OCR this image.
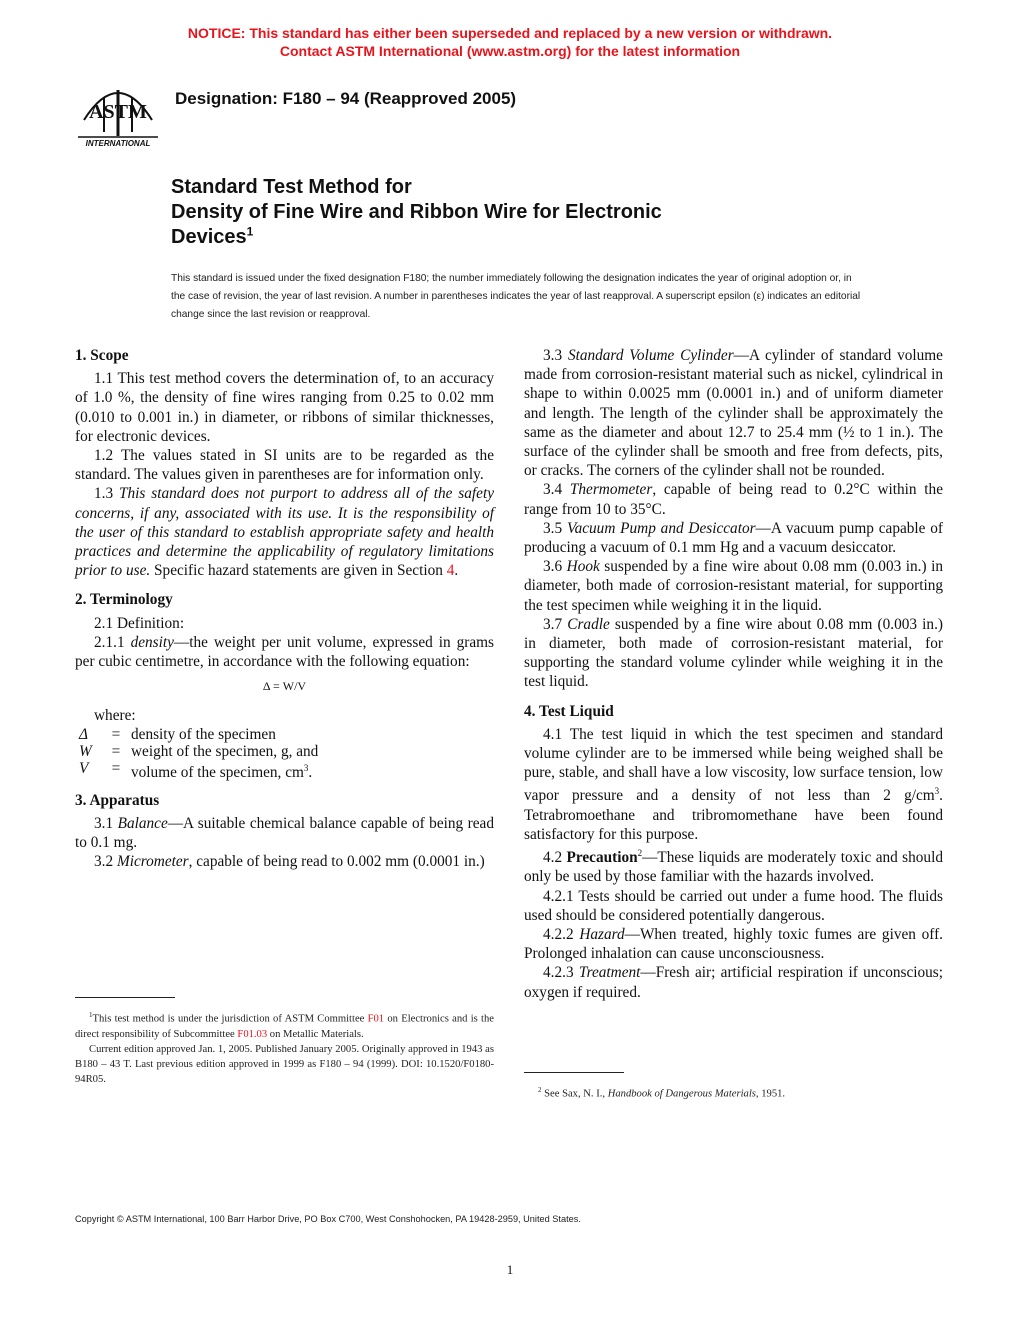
NOTICE: This standard has either been superseded and replaced by a new version or withdrawn.
Contact ASTM International (www.astm.org) for the latest information
ASTM
INTERNATIONAL
Designation: F180 – 94 (Reapproved 2005)
Standard Test Method for
Density of Fine Wire and Ribbon Wire for Electronic
Devices$^1$
This standard is issued under the fixed designation F180; the number immediately following the designation indicates the year of original adoption or, in the case of revision, the year of last revision. A number in parentheses indicates the year of last reapproval. A superscript epsilon (ε) indicates an editorial change since the last revision or reapproval.
1. Scope

1.1 This test method covers the determination of, to an accuracy of 1.0 %, the density of fine wires ranging from 0.25 to 0.02 mm (0.010 to 0.001 in.) in diameter, or ribbons of similar thicknesses, for electronic devices.

1.2 The values stated in SI units are to be regarded as the standard. The values given in parentheses are for information only.

1.3 This standard does not purport to address all of the safety concerns, if any, associated with its use. It is the responsibility of the user of this standard to establish appropriate safety and health practices and determine the applicability of regulatory limitations prior to use. Specific hazard statements are given in Section 4.

2. Terminology

2.1 Definition:

2.1.1 density—the weight per unit volume, expressed in grams per cubic centimetre, in accordance with the following equation:

Δ = W/V

where:

Δ	=	density of the specimen
W	=	weight of the specimen, g, and
V	=	volume of the specimen, $cm^3$.
3. Apparatus

3.1 Balance—A suitable chemical balance capable of being read to 0.1 mg.

3.2 Micrometer, capable of being read to 0.002 mm (0.0001 in.)

3.3 Standard Volume Cylinder—A cylinder of standard volume made from corrosion-resistant material such as nickel, cylindrical in shape to within 0.0025 mm (0.0001 in.) and of uniform diameter and length. The length of the cylinder shall be approximately the same as the diameter and about 12.7 to 25.4 mm (½ to 1 in.). The surface of the cylinder shall be smooth and free from defects, pits, or cracks. The corners of the cylinder shall not be rounded.

3.4 Thermometer, capable of being read to 0.2°C within the range from 10 to 35°C.

3.5 Vacuum Pump and Desiccator—A vacuum pump capable of producing a vacuum of 0.1 mm Hg and a vacuum desiccator.

3.6 Hook suspended by a fine wire about 0.08 mm (0.003 in.) in diameter, both made of corrosion-resistant material, for supporting the test specimen while weighing it in the liquid.

3.7 Cradle suspended by a fine wire about 0.08 mm (0.003 in.) in diameter, both made of corrosion-resistant material, for supporting the standard volume cylinder while weighing it in the test liquid.

4. Test Liquid

4.1 The test liquid in which the test specimen and standard volume cylinder are to be immersed while being weighed shall be pure, stable, and shall have a low viscosity, low surface tension, low vapor pressure and a density of not less than 2 $g/cm^3$. Tetrabromoethane and tribromomethane have been found satisfactory for this purpose.

4.2 Precaution$^2$—These liquids are moderately toxic and should only be used by those familiar with the hazards involved.

4.2.1 Tests should be carried out under a fume hood. The fluids used should be considered potentially dangerous.

4.2.2 Hazard—When treated, highly toxic fumes are given off. Prolonged inhalation can cause unconsciousness.

4.2.3 Treatment—Fresh air; artificial respiration if unconscious; oxygen if required.

$^1$This test method is under the jurisdiction of ASTM Committee F01 on Electronics and is the direct responsibility of Subcommittee F01.03 on Metallic Materials.

Current edition approved Jan. 1, 2005. Published January 2005. Originally approved in 1943 as B180 – 43 T. Last previous edition approved in 1999 as F180 – 94 (1999). DOI: 10.1520/F0180-94R05.

$^2$ See Sax, N. I., Handbook of Dangerous Materials, 1951.

Copyright © ASTM International, 100 Barr Harbor Drive, PO Box C700, West Conshohocken, PA 19428-2959, United States.
1
